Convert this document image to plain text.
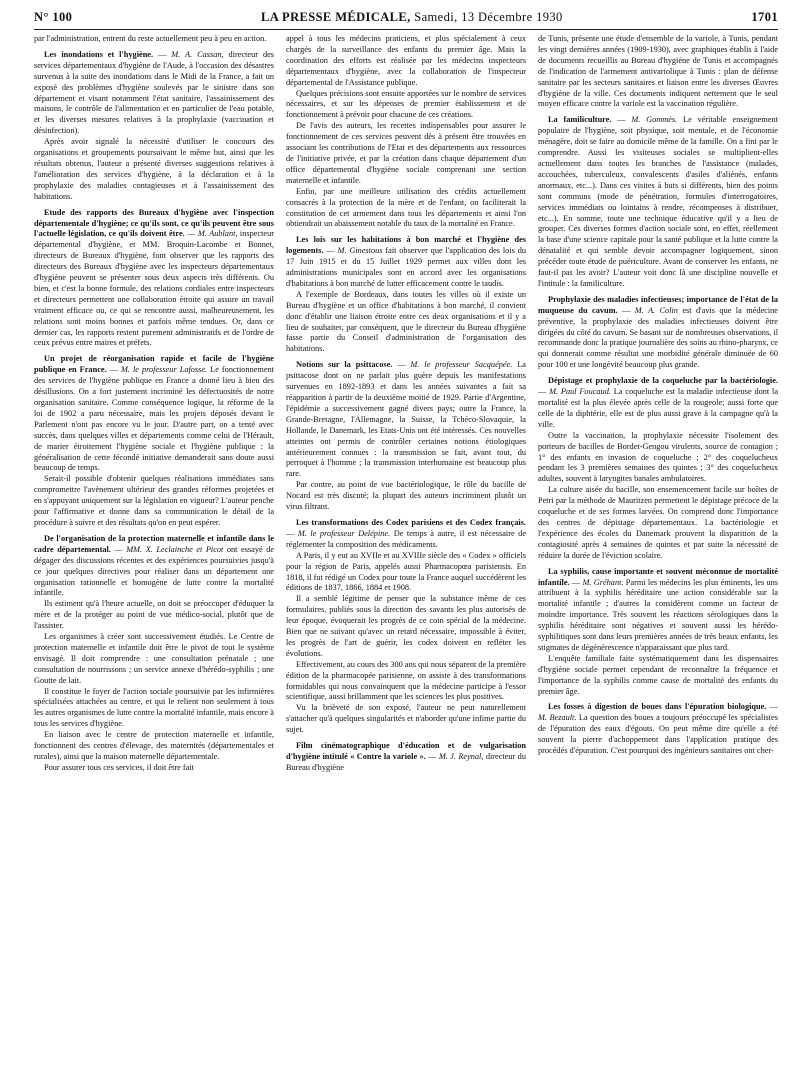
N° 100	LA PRESSE MÉDICALE, Samedi, 13 Décembre 1930	1701

par l'administration, entrent du reste actuellement peu à peu en action.

Les inondations et l'hygiène. — M. A. Cassan, directeur des services départementaux d'hygiène de l'Aude, à l'occasion des désastres survenus à la suite des inondations dans le Midi de la France, a fait un exposé des problèmes d'hygiène soulevés par le sinistre dans son département et visant notamment l'état sanitaire, l'assainissement des maisons, le contrôle de l'alimentation et en particulier de l'eau potable, et les diverses mesures relatives à la prophylaxie (vaccination et désinfection).

Après avoir signalé la nécessité d'utiliser le concours des organisations et groupements poursuivant le même but, ainsi que les résultats obtenus, l'auteur a présenté diverses suggestions relatives à l'amélioration des services d'hygiène, à la déclaration et à la prophylaxie des maladies contagieuses et à l'assainissement des habitations.

Etude des rapports des Bureaux d'hygiène avec l'inspection départementale d'hygiène; ce qu'ils sont, ce qu'ils peuvent être sous l'actuelle législation, ce qu'ils doivent être. — M. Aublant, inspecteur départemental d'hygiène, et MM. Broquin-Lacombe et Bonnet, directeurs de Bureaux d'hygiène, font observer que les rapports des directeurs des Bureaux d'hygiène avec les inspecteurs départementaux d'hygiène peuvent se présenter sous deux aspects très différents. Ou bien, et c'est la bonne formule, des relations cordiales entre inspecteurs et directeurs permettent une collaboration étroite qui assure un travail vraiment efficace ou, ce qui se rencontre aussi, malheureusement, les relations sont moins bonnes et parfois même tendues. Or, dans ce dernier cas, les rapports restent purement administratifs et de l'ordre de ceux prévus entre maires et préfets.

Un projet de réorganisation rapide et facile de l'hygiène publique en France. — M. le professeur Lafosse. Le fonctionnement des services de l'hygiène publique en France a donné lieu à bien des désillusions. On a fort justement incriminé les défectuosités de notre organisation sanitaire. Comme conséquence logique, la réforme de la loi de 1902 a paru nécessaire, mais les projets déposés devant le Parlement n'ont pas encore vu le jour. D'autre part, on a tenté avec succès, dans quelques villes et départements comme celui de l'Hérault, de marier étroitement l'hygiène sociale et l'hygiène publique : la généralisation de cette fécondé initiative demanderait sans doute aussi beaucoup de temps.

Serait-il possible d'obtenir quelques réalisations immédiates sans compromettre l'avènement ultérieur des grandes réformes projetées et en s'appuyant uniquement sur la législation en vigueur? L'auteur penche pour l'affirmative et donne dans sa communication le détail de la procédure à suivre et des résultats qu'on en peut espérer.

De l'organisation de la protection maternelle et infantile dans le cadre départemental. — MM. X. Leclainche et Picot ont essayé de dégager des discussions récentes et des expériences poursuivies jusqu'à ce jour quelques directives pour réaliser dans un département une organisation rationnelle et homogène de lutte contre la mortalité infantile.

Ils estiment qu'à l'heure actuelle, on doit se préoccuper d'éduquer la mère et de la protéger au point de vue médico-social, plutôt que de l'assister.

Les organismes à créer sont successivement étudiés. Le Centre de protection maternelle et infantile doit être le pivot de tout le système envisagé. Il doit comprendre : une consultation prénatale ; une consultation de nourrissons ; un service annexe d'hérédo-syphilis ; une Goutte de lait.

Il constitue le foyer de l'action sociale poursuivie par les infirmières spécialisées attachées au centre, et qui le relient non seulement à tous les autres organismes de lutte contre la mortalité infantile, mais encore à tous les services d'hygiène.

En liaison avec le centre de protection maternelle et infantile, fonctionnent des centres d'élevage, des maternités (départementales et rurales), ainsi que la maison maternelle départementale.

Pour assurer tous ces services, il doit être fait

appel à tous les médecins praticiens, et plus spécialement à ceux chargés de la surveillance des enfants du premier âge. Mais la coordination des efforts est réalisée par les médecins inspecteurs départementaux d'hygiène, avec la collaboration de l'inspecteur départemental de l'Assistance publique.

Quelques précisions sont ensuite apportées sur le nombre de services nécessaires, et sur les dépenses de premier établissement et de fonctionnement à prévoir pour chacune de ces créations.

De l'avis des auteurs, les recettes indispensables pour assurer le fonctionnement de ces services peuvent dès à présent être trouvées en associant les contributions de l'Etat et des départements aux ressources de l'initiative privée, et par la création dans chaque département d'un office départemental d'hygiène sociale comprenant une section maternelle et infantile.

Enfin, par une meilleure utilisation des crédits actuellement consacrés à la protection de la mère et de l'enfant, on faciliterait la constitution de cet armement dans tous les départements et ainsi l'on obtiendrait un abaissement notable du taux de la mortalité en France.

Les lois sur les habitations à bon marché et l'hygiène des logements. — M. Ginestous fait observer que l'application des lois du 17 Juin 1915 et du 15 Juillet 1929 permet aux villes dont les administrations municipales sont en accord avec les organisations d'habitations à bon marché de lutter efficacement contre le taudis.

A l'exemple de Bordeaux, dans toutes les villes où il existe un Bureau d'hygiène et un office d'habitations à bon marché, il convient donc d'établir une liaison étroite entre ces deux organisations et il y a lieu de souhaiter, par conséquent, que le directeur du Bureau d'hygiène fasse partie du Conseil d'administration de l'organisation des habitations.

Notions sur la psittacose. — M. le professeur Sacquépée. La psittacose dont on ne parlait plus guère depuis les manifestations survenues en 1892-1893 et dans les années suivantes a fait sa réapparition à partir de la deuxième moitié de 1929. Partie d'Argentine, l'épidémie a successivement gagné divers pays; outre la France, la Grande-Bretagne, l'Allemagne, la Suisse, la Tchéco-Slovaquie, la Hollande, le Danemark, les Etats-Unis ont été intéressés. Ces nouvelles atteintes ont permis de contrôler certaines notions étiologiques antérieurement connues : la transmission se fait, avant tout, du perroquet à l'homme ; la transmission interhumaine est beaucoup plus rare.

Par contre, au point de vue bactériologique, le rôle du bacille de Nocard est très discuté; la plupart des auteurs incriminent plutôt un virus filtrant.

Les transformations des Codex parisiens et des Codex français. — M. le professeur Delépine. De temps à autre, il est nécessaire de réglementer la composition des médicaments.

A Paris, il y eut au XVIIe et au XVIIIe siècle des « Codex » officiels pour la région de Paris, appelés aussi Pharmacopœa parisiensis. En 1818, il fut rédigé un Codex pour toute la France auquel succédèrent les éditions de 1837, 1866, 1884 et 1908.

Il a semblé légitime de penser que la substance même de ces formulaires, publiés sous la direction des savants les plus autorisés de leur époque, évoquerait les progrès de ce coin spécial de la médecine. Bien que ne suivant qu'avec un retard nécessaire, impossible à éviter, les progrès de l'art de guérir, les codex doivent en refléter les évolutions.

Effectivement, au cours des 300 ans qui nous séparent de la première édition de la pharmacopée parisienne, on assiste à des transformations formidables qui nous convainquent que la médecine participe à l'essor scientifique, aussi brillamment que les sciences les plus positives.

Vu la brièveté de son exposé, l'auteur ne peut naturellement s'attacher qu'à quelques singularités et n'aborder qu'une infime partie du sujet.

Film cinématographique d'éducation et de vulgarisation d'hygiène intitulé « Contre la variole ». — M. J. Reynal, directeur du Bureau d'hygiène

de Tunis, présente une étude d'ensemble de la variole, à Tunis, pendant les vingt dernières années (1909-1930), avec graphiques établis à l'aide de documents recueillis au Bureau d'hygiène de Tunis et accompagnés de l'indication de l'armement antivariolique à Tunis : plan de défense sanitaire par les secteurs sanitaires et liaison entre les diverses Œuvres d'hygiène de la ville. Ces documents indiquent nettement que le seul moyen efficace contre la variole est la vaccination régulière.

La familiculture. — M. Gommès. Le véritable enseignement populaire de l'hygiène, soit physique, soit mentale, et de l'économie ménagère, doit se faire au domicile même de la famille. On a fini par le comprendre. Aussi les visiteuses sociales se multiplient-elles actuellement dans toutes les branches de l'assistance (malades, accouchées, tuberculeux, convalescents d'asiles d'aliénés, enfants anormaux, etc...). Dans ces visites à buts si différents, bien des points sont communs (mode de pénétration, formules d'interrogatoires, services immédiats ou lointains à rendre, récompenses à distribuer, etc...). En somme, toute une technique éducative qu'il y a lieu de grouper. Ces diverses formes d'action sociale sont, en effet, réellement la base d'une science capitale pour la santé publique et la lutte contre la dénatalité et qui semble devoir accompagner logiquement, sinon précéder toute étude de puériculture. Avant de conserver les enfants, ne faut-il pas les avoir? L'auteur voit donc là une discipline nouvelle et l'intitule : la familiculture.

Prophylaxie des maladies infectieuses; importance de l'état de la muqueuse du cavum. — M. A. Colin est d'avis que la médecine préventive, la prophylaxie des maladies infectieuses doivent être dirigées du côté du cavum. Se basant sur de nombreuses observations, il recommande donc la pratique journalière des soins au rhino-pharynx, ce qui donnerait comme résultat une morbidité générale diminuée de 60 pour 100 et une longévité beaucoup plus grande.

Dépistage et prophylaxie de la coqueluche par la bactériologie. — M. Paul Foucaud. La coqueluche est la maladie infectieuse dont la mortalité est la plus élevée après celle de la rougeole; aussi forte que celle de la diphtérie, elle est de plus aussi grave à la campagne qu'à la ville.

Outre la vaccination, la prophylaxie nécessite l'isolement des porteurs de bacilles de Bordet-Gengou virulents, source de contagion ; 1° des enfants en invasion de coqueluche ; 2° des coquelucheux pendant les 3 premières semaines des quintes ; 3° des coquelucheux adultes, souvent à laryngites banales ambulatoires.

La culture aisée du bacille, son ensemencement facile sur boîtes de Petri par la méthode de Mauritzen permettent le dépistage précoce de la coqueluche et de ses formes larvées. On comprend donc l'importance des centres de dépistage départementaux. La bactériologie et l'expérience des écoles du Danemark prouvent la disparition de la contagiosité après 4 semaines de quintes et par suite la nécessité de réduire la durée de l'éviction scolaire.

La syphilis, cause importante et souvent méconnue de mortalité infantile. — M. Gréhant. Parmi les médecins les plus éminents, les uns attribuent à la syphilis héréditaire une action considérable sur la mortalité infantile ; d'autres la considèrent comme un facteur de moindre importance. Très souvent les réactions sérologiques dans la syphilis héréditaire sont négatives et souvent aussi les hérédo-syphilitiques sont dans leurs premières années de très beaux enfants, les stigmates de dégénérescence n'apparaissant que plus tard.

L'enquête familiale faite systématiquement dans les dispensaires d'hygiène sociale permet cependant de reconnaître la fréquence et l'importance de la syphilis comme cause de mortalité des enfants du premier âge.

Les fosses à digestion de boues dans l'épuration biologique. — M. Bezault. La question des boues a toujours préoccupé les spécialistes de l'épuration des eaux d'égouts. On peut même dire qu'elle a été souvent la pierre d'achoppement dans l'application pratique des procédés d'épuration. C'est pourquoi des ingénieurs sanitaires ont cher-
